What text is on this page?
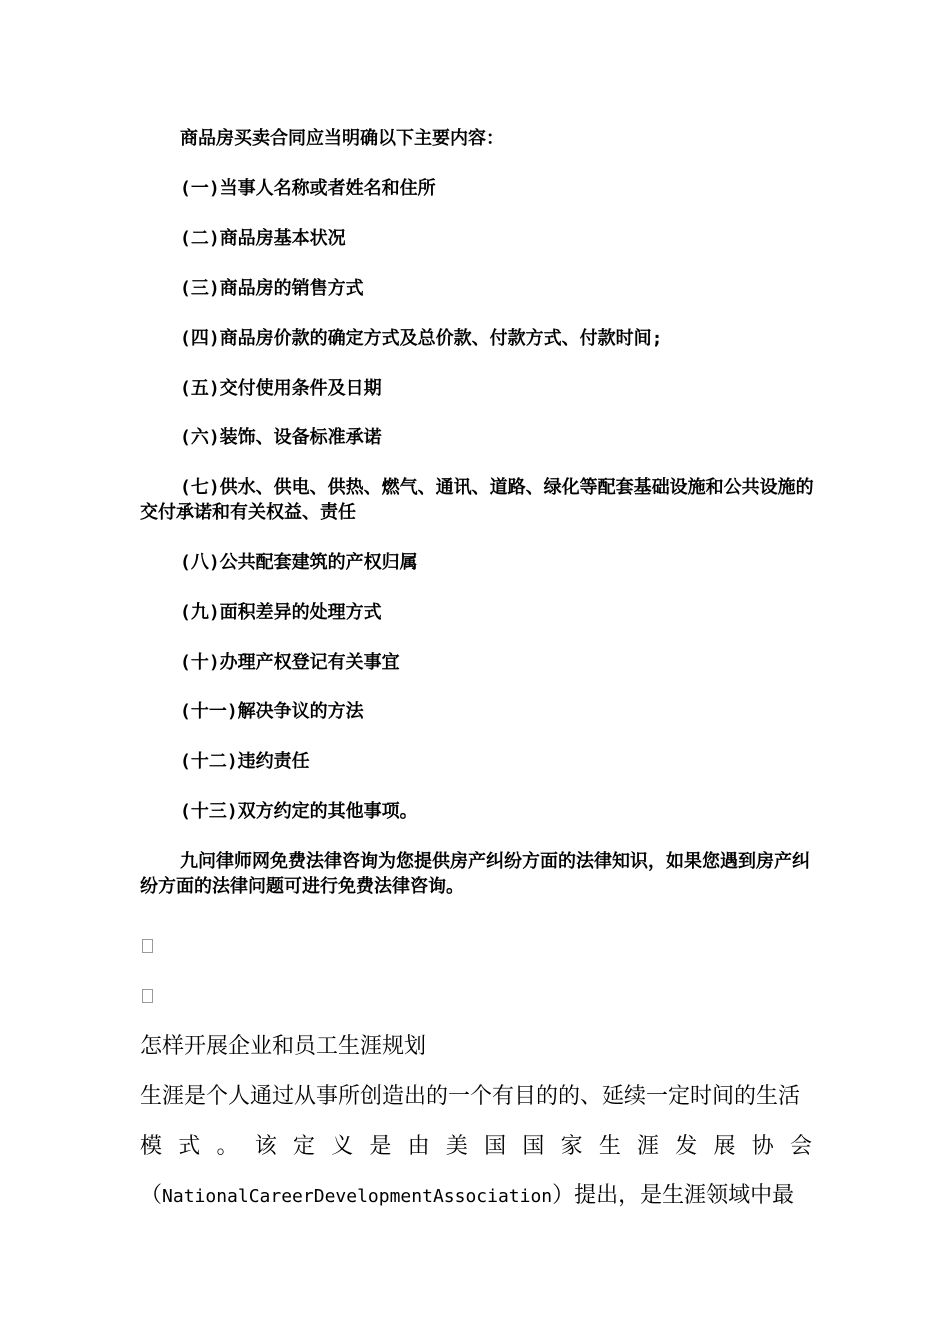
商品房买卖合同应当明确以下主要内容：
(一)当事人名称或者姓名和住所
(二)商品房基本状况
(三)商品房的销售方式
(四)商品房价款的确定方式及总价款、付款方式、付款时间;
(五)交付使用条件及日期
(六)装饰、设备标准承诺
(七)供水、供电、供热、燃气、通讯、道路、绿化等配套基础设施和公共设施的交付承诺和有关权益、责任
(八)公共配套建筑的产权归属
(九)面积差异的处理方式
(十)办理产权登记有关事宜
(十一)解决争议的方法
(十二)违约责任
(十三)双方约定的其他事项。
九问律师网免费法律咨询为您提供房产纠纷方面的法律知识，如果您遇到房产纠纷方面的法律问题可进行免费法律咨询。
怎样开展企业和员工生涯规划
生涯是个人通过从事所创造出的一个有目的的、延续一定时间的生活
模 式 。 该 定 义 是 由 美 国 国 家 生 涯 发 展 协 会
（NationalCareerDevelopmentAssociation）提出，是生涯领域中最
